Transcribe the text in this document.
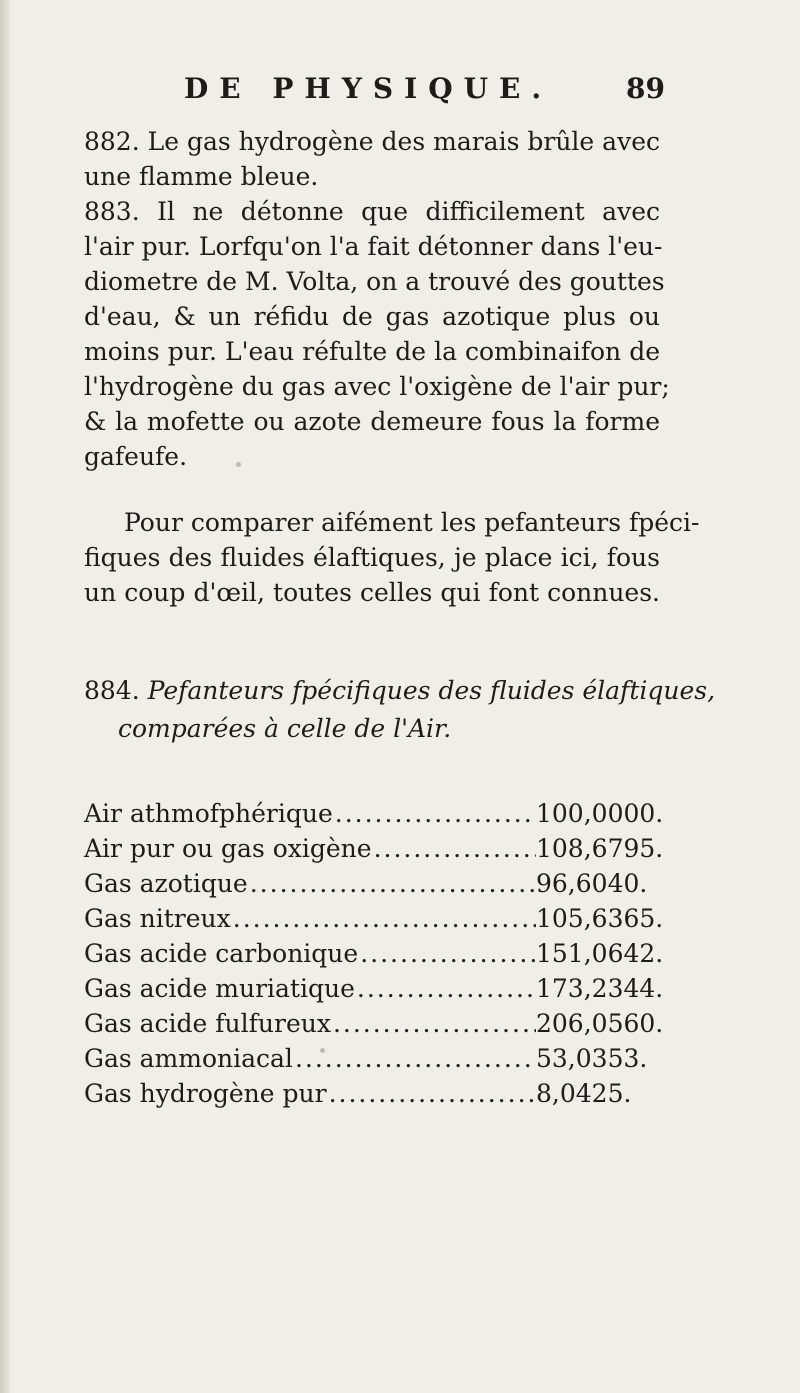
DE PHYSIQUE.	89
882. Le gas hydrogène des marais brûle avec
une flamme bleue.
883. Il ne détonne que difficilement avec
l'air pur. Lorfqu'on l'a fait détonner dans l'eu-
diometre de M. Volta, on a trouvé des gouttes
d'eau, & un réfidu de gas azotique plus ou
moins pur. L'eau réfulte de la combinaifon de
l'hydrogène du gas avec l'oxigène de l'air pur;
& la mofette ou azote demeure fous la forme
gafeufe.
Pour comparer aifément les pefanteurs fpéci-
fiques des fluides élaftiques, je place ici, fous
un coup d'œil, toutes celles qui font connues.
884. Pefanteurs fpécifiques des fluides élaftiques,
comparées à celle de l'Air.
Air athmofphérique .....	100,0000.
Air pur ou gas oxigène .....	108,6795.
Gas azotique .....	96,6040.
Gas nitreux .....	105,6365.
Gas acide carbonique .....	151,0642.
Gas acide muriatique .....	173,2344.
Gas acide fulfureux .....	206,0560.
Gas ammoniacal .....	53,0353.
Gas hydrogène pur .....	8,0425.
